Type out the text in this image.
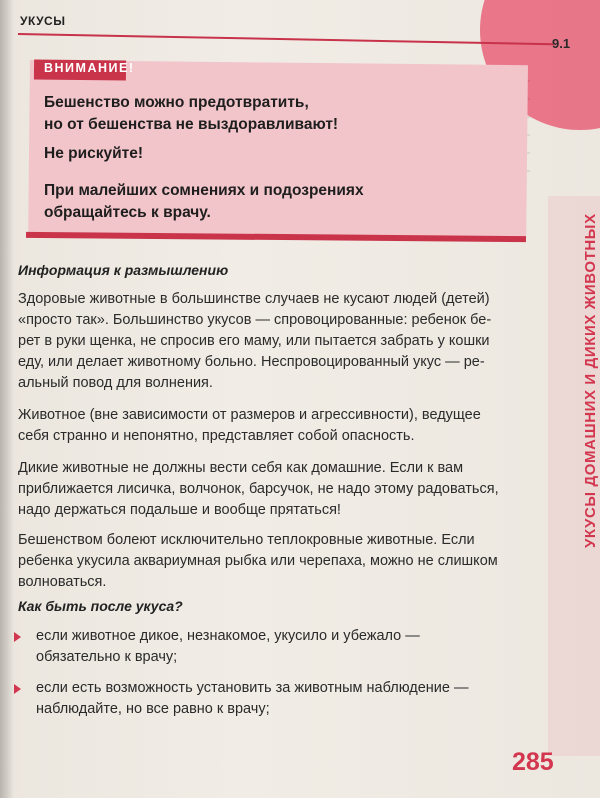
УКУСЫ
9.1
ВНИМАНИЕ!
Бешенство можно предотвратить,
но от бешенства не выздоравливают!
Не рискуйте!
При малейших сомнениях и подозрениях
обращайтесь к врачу.
УКУСЫ ДОМАШНИХ И ДИКИХ ЖИВОТНЫХ
Информация к размышлению
Здоровые животные в большинстве случаев не кусают людей (детей)
«просто так». Большинство укусов — спровоцированные: ребенок бе-
рет в руки щенка, не спросив его маму, или пытается забрать у кошки
еду, или делает животному больно. Неспровоцированный укус — ре-
альный повод для волнения.
Животное (вне зависимости от размеров и агрессивности), ведущее
себя странно и непонятно, представляет собой опасность.
Дикие животные не должны вести себя как домашние. Если к вам
приближается лисичка, волчонок, барсучок, не надо этому радоваться,
надо держаться подальше и вообще прятаться!
Бешенством болеют исключительно теплокровные животные. Если
ребенка укусила аквариумная рыбка или черепаха, можно не слишком
волноваться.
Как быть после укуса?
если животное дикое, незнакомое, укусило и убежало —
обязательно к врачу;
если есть возможность установить за животным наблюдение —
наблюдайте, но все равно к врачу;
285
